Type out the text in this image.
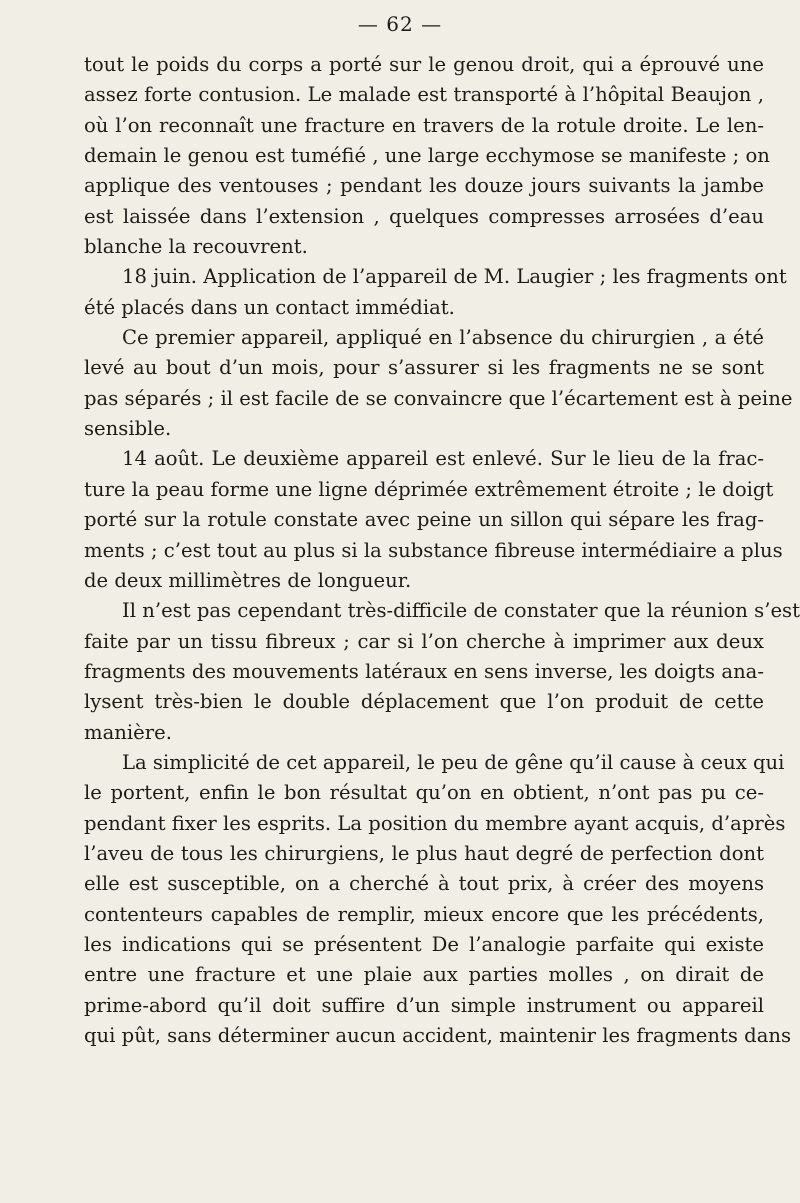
— 62 —
tout le poids du corps a porté sur le genou droit, qui a éprouvé une
assez forte contusion. Le malade est transporté à l’hôpital Beaujon ,
où l’on reconnaît une fracture en travers de la rotule droite. Le len-
demain le genou est tuméfié , une large ecchymose se manifeste ; on
applique des ventouses ; pendant les douze jours suivants la jambe
est laissée dans l’extension , quelques compresses arrosées d’eau
blanche la recouvrent.
18 juin. Application de l’appareil de M. Laugier ; les fragments ont
été placés dans un contact immédiat.
Ce premier appareil, appliqué en l’absence du chirurgien , a été
levé au bout d’un mois, pour s’assurer si les fragments ne se sont
pas séparés ; il est facile de se convaincre que l’écartement est à peine
sensible.
14 août. Le deuxième appareil est enlevé. Sur le lieu de la frac-
ture la peau forme une ligne déprimée extrêmement étroite ; le doigt
porté sur la rotule constate avec peine un sillon qui sépare les frag-
ments ; c’est tout au plus si la substance fibreuse intermédiaire a plus
de deux millimètres de longueur.
Il n’est pas cependant très-difficile de constater que la réunion s’est
faite par un tissu fibreux ; car si l’on cherche à imprimer aux deux
fragments des mouvements latéraux en sens inverse, les doigts ana-
lysent très-bien le double déplacement que l’on produit de cette
manière.
La simplicité de cet appareil, le peu de gêne qu’il cause à ceux qui
le portent, enfin le bon résultat qu’on en obtient, n’ont pas pu ce-
pendant fixer les esprits. La position du membre ayant acquis, d’après
l’aveu de tous les chirurgiens, le plus haut degré de perfection dont
elle est susceptible, on a cherché à tout prix, à créer des moyens
contenteurs capables de remplir, mieux encore que les précédents,
les indications qui se présentent De l’analogie parfaite qui existe
entre une fracture et une plaie aux parties molles , on dirait de
prime-abord qu’il doit suffire d’un simple instrument ou appareil
qui pût, sans déterminer aucun accident, maintenir les fragments dans
